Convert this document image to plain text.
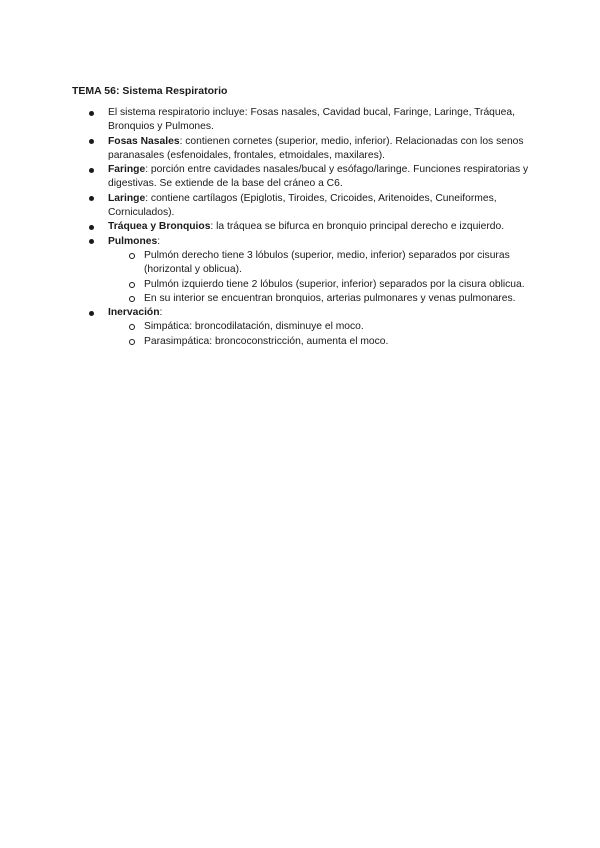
TEMA 56: Sistema Respiratorio
El sistema respiratorio incluye: Fosas nasales, Cavidad bucal, Faringe, Laringe, Tráquea, Bronquios y Pulmones.
Fosas Nasales: contienen cornetes (superior, medio, inferior). Relacionadas con los senos paranasales (esfenoidales, frontales, etmoidales, maxilares).
Faringe: porción entre cavidades nasales/bucal y esófago/laringe. Funciones respiratorias y digestivas. Se extiende de la base del cráneo a C6.
Laringe: contiene cartílagos (Epiglotis, Tiroides, Cricoides, Aritenoides, Cuneiformes, Corniculados).
Tráquea y Bronquios: la tráquea se bifurca en bronquio principal derecho e izquierdo.
Pulmones:
Pulmón derecho tiene 3 lóbulos (superior, medio, inferior) separados por cisuras (horizontal y oblicua).
Pulmón izquierdo tiene 2 lóbulos (superior, inferior) separados por la cisura oblicua.
En su interior se encuentran bronquios, arterias pulmonares y venas pulmonares.
Inervación:
Simpática: broncodilatación, disminuye el moco.
Parasimpática: broncoconstricción, aumenta el moco.
